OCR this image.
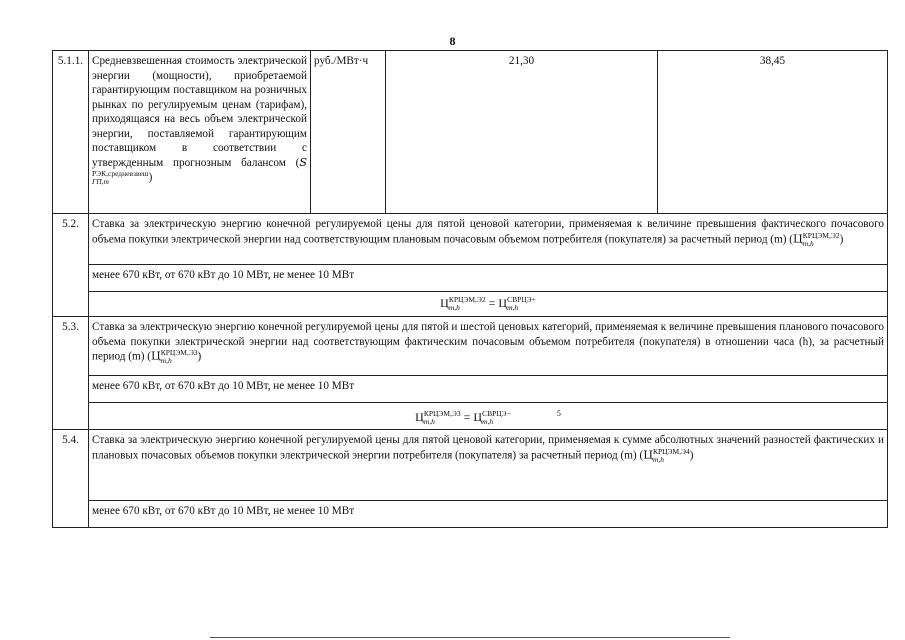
8
5.1.1.	Средневзвешенная стоимость электрической энергии (мощности), приобретаемой гарантирующим поставщиком на розничных рынках по регулируемым ценам (тарифам), приходящаяся на весь объем электрической энергии, поставляемой гарантирующим поставщиком в соответствии с утвержденным прогнозным балансом (SРЭК,средневзвеш
ГП,m )	руб./МВт·ч	21,30	38,45
5.2.	Ставка за электрическую энергию конечной регулируемой цены для пятой ценовой категории, применяемая к величине превышения фактического почасового объема покупки электрической энергии над соответствующим плановым почасовым объемом потребителя (покупателя) за расчетный период (m) (ЦКРЦЭМ,Э2
m,h )			
	менее 670 кВт, от 670 кВт до 10 МВт, не менее 10 МВт			
	ЦКРЦЭМ,Э2
m,h = ЦСВРЦЭ+
m,h			
5.3.	Ставка за электрическую энергию конечной регулируемой цены для пятой и шестой ценовых категорий, применяемая к величине превышения планового почасового объема покупки электрической энергии над соответствующим фактическим почасовым объемом потребителя (покупателя) в отношении часа (h), за расчетный период (m) (ЦКРЦЭМ,Э3
m,h )			
	менее 670 кВт, от 670 кВт до 10 МВт, не менее 10 МВт			
	ЦКРЦЭМ,Э3
m,h = ЦСВРЦЭ−
$m,h^5$
5.4.	Ставка за электрическую энергию конечной регулируемой цены для пятой ценовой категории, применяемая к сумме абсолютных значений разностей фактических и плановых почасовых объемов покупки электрической энергии потребителя (покупателя) за расчетный период (m) (ЦКРЦЭМ,Э4
m,h )			
	менее 670 кВт, от 670 кВт до 10 МВт, не менее 10 МВт			
